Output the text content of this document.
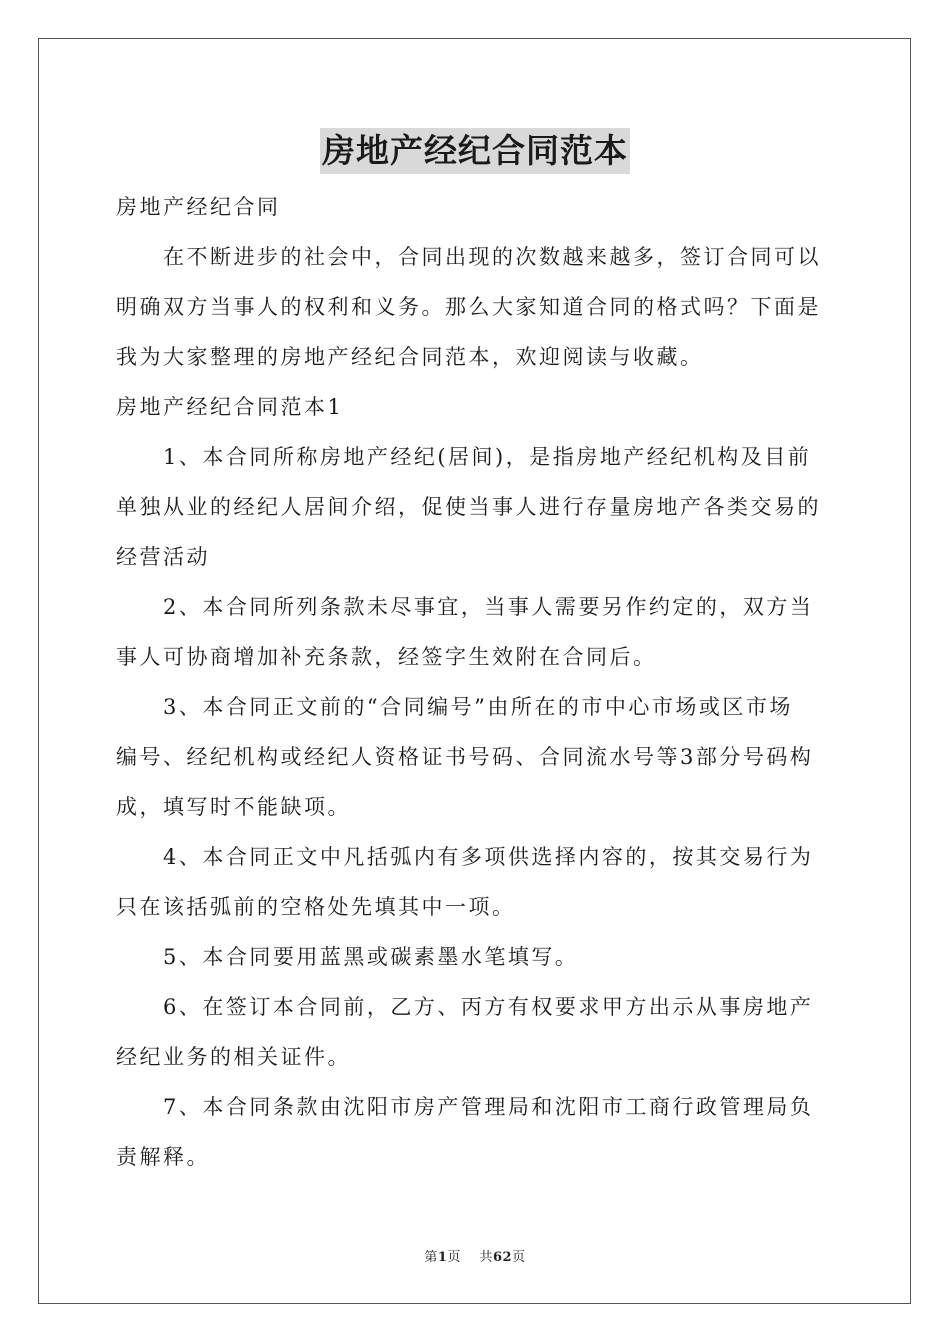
房地产经纪合同范本
房地产经纪合同
在不断进步的社会中，合同出现的次数越来越多，签订合同可以
明确双方当事人的权利和义务。那么大家知道合同的格式吗？下面是
我为大家整理的房地产经纪合同范本，欢迎阅读与收藏。
房地产经纪合同范本1
1、本合同所称房地产经纪(居间)，是指房地产经纪机构及目前
单独从业的经纪人居间介绍，促使当事人进行存量房地产各类交易的
经营活动
2、本合同所列条款未尽事宜，当事人需要另作约定的，双方当
事人可协商增加补充条款，经签字生效附在合同后。
3、本合同正文前的“合同编号”由所在的市中心市场或区市场
编号、经纪机构或经纪人资格证书号码、合同流水号等3部分号码构
成，填写时不能缺项。
4、本合同正文中凡括弧内有多项供选择内容的，按其交易行为
只在该括弧前的空格处先填其中一项。
5、本合同要用蓝黑或碳素墨水笔填写。
6、在签订本合同前，乙方、丙方有权要求甲方出示从事房地产
经纪业务的相关证件。
7、本合同条款由沈阳市房产管理局和沈阳市工商行政管理局负
责解释。
第1页    共62页
